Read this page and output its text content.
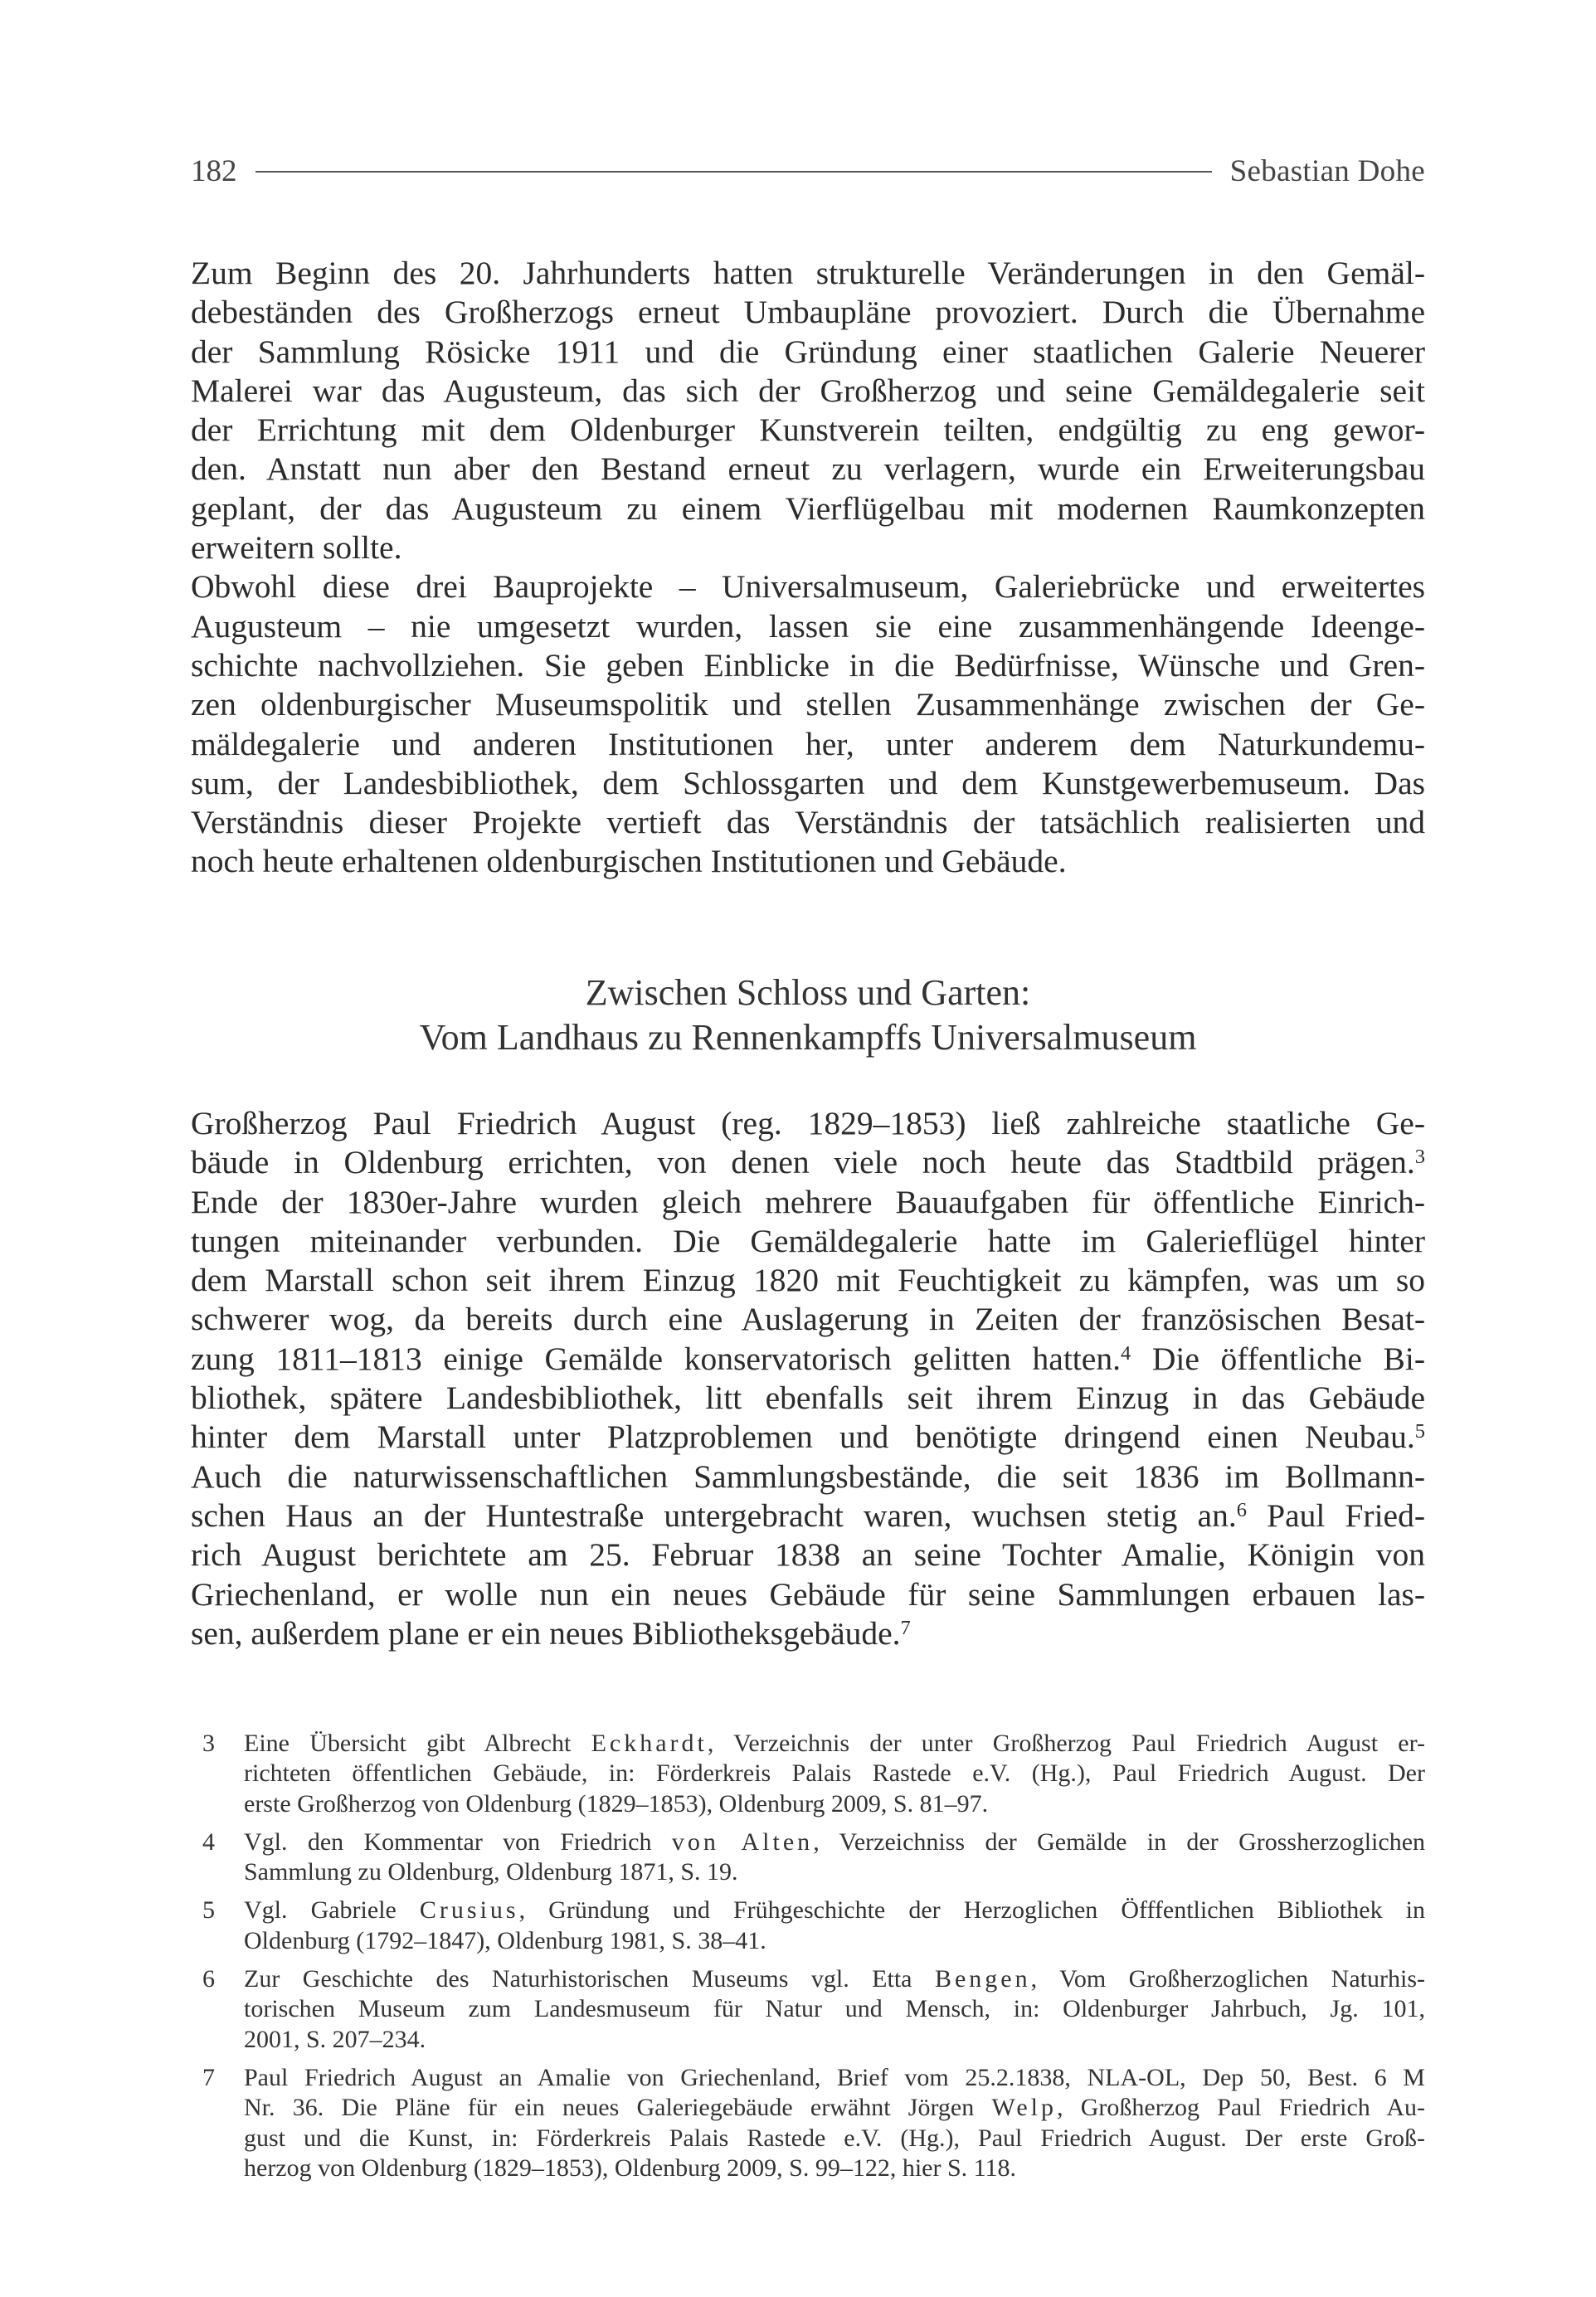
182	Sebastian Dohe
Zum Beginn des 20. Jahrhunderts hatten strukturelle Veränderungen in den Gemäl-
debeständen des Großherzogs erneut Umbaupläne provoziert. Durch die Übernahme
der Sammlung Rösicke 1911 und die Gründung einer staatlichen Galerie Neuerer
Malerei war das Augusteum, das sich der Großherzog und seine Gemäldegalerie seit
der Errichtung mit dem Oldenburger Kunstverein teilten, endgültig zu eng gewor-
den. Anstatt nun aber den Bestand erneut zu verlagern, wurde ein Erweiterungsbau
geplant, der das Augusteum zu einem Vierflügelbau mit modernen Raumkonzepten
erweitern sollte.
Obwohl diese drei Bauprojekte – Universalmuseum, Galeriebrücke und erweitertes
Augusteum – nie umgesetzt wurden, lassen sie eine zusammenhängende Ideenge-
schichte nachvollziehen. Sie geben Einblicke in die Bedürfnisse, Wünsche und Gren-
zen oldenburgischer Museumspolitik und stellen Zusammenhänge zwischen der Ge-
mäldegalerie und anderen Institutionen her, unter anderem dem Naturkundemu-
sum, der Landesbibliothek, dem Schlossgarten und dem Kunstgewerbemuseum. Das
Verständnis dieser Projekte vertieft das Verständnis der tatsächlich realisierten und
noch heute erhaltenen oldenburgischen Institutionen und Gebäude.
Zwischen Schloss und Garten:
Vom Landhaus zu Rennenkampffs Universalmuseum
Großherzog Paul Friedrich August (reg. 1829–1853) ließ zahlreiche staatliche Ge-
bäude in Oldenburg errichten, von denen viele noch heute das Stadtbild prägen.$^3$
Ende der 1830er-Jahre wurden gleich mehrere Bauaufgaben für öffentliche Einrich-
tungen miteinander verbunden. Die Gemäldegalerie hatte im Galerieflügel hinter
dem Marstall schon seit ihrem Einzug 1820 mit Feuchtigkeit zu kämpfen, was um so
schwerer wog, da bereits durch eine Auslagerung in Zeiten der französischen Besat-
zung 1811–1813 einige Gemälde konservatorisch gelitten hatten.$^4$ Die öffentliche Bi-
bliothek, spätere Landesbibliothek, litt ebenfalls seit ihrem Einzug in das Gebäude
hinter dem Marstall unter Platzproblemen und benötigte dringend einen Neubau.$^5$
Auch die naturwissenschaftlichen Sammlungsbestände, die seit 1836 im Bollmann-
schen Haus an der Huntestraße untergebracht waren, wuchsen stetig an.$^6$ Paul Fried-
rich August berichtete am 25. Februar 1838 an seine Tochter Amalie, Königin von
Griechenland, er wolle nun ein neues Gebäude für seine Sammlungen erbauen las-
sen, außerdem plane er ein neues Bibliotheksgebäude.$^7$
3 Eine Übersicht gibt Albrecht Eckhardt, Verzeichnis der unter Großherzog Paul Friedrich August er-
richteten öffentlichen Gebäude, in: Förderkreis Palais Rastede e.V. (Hg.), Paul Friedrich August. Der
erste Großherzog von Oldenburg (1829–1853), Oldenburg 2009, S. 81–97.
4 Vgl. den Kommentar von Friedrich von Alten, Verzeichniss der Gemälde in der Grossherzoglichen
Sammlung zu Oldenburg, Oldenburg 1871, S. 19.
5 Vgl. Gabriele Crusius, Gründung und Frühgeschichte der Herzoglichen Öfffentlichen Bibliothek in
Oldenburg (1792–1847), Oldenburg 1981, S. 38–41.
6 Zur Geschichte des Naturhistorischen Museums vgl. Etta Bengen, Vom Großherzoglichen Naturhis-
torischen Museum zum Landesmuseum für Natur und Mensch, in: Oldenburger Jahrbuch, Jg. 101,
2001, S. 207–234.
7 Paul Friedrich August an Amalie von Griechenland, Brief vom 25.2.1838, NLA-OL, Dep 50, Best. 6 M
Nr. 36. Die Pläne für ein neues Galeriegebäude erwähnt Jörgen Welp, Großherzog Paul Friedrich Au-
gust und die Kunst, in: Förderkreis Palais Rastede e.V. (Hg.), Paul Friedrich August. Der erste Groß-
herzog von Oldenburg (1829–1853), Oldenburg 2009, S. 99–122, hier S. 118.
